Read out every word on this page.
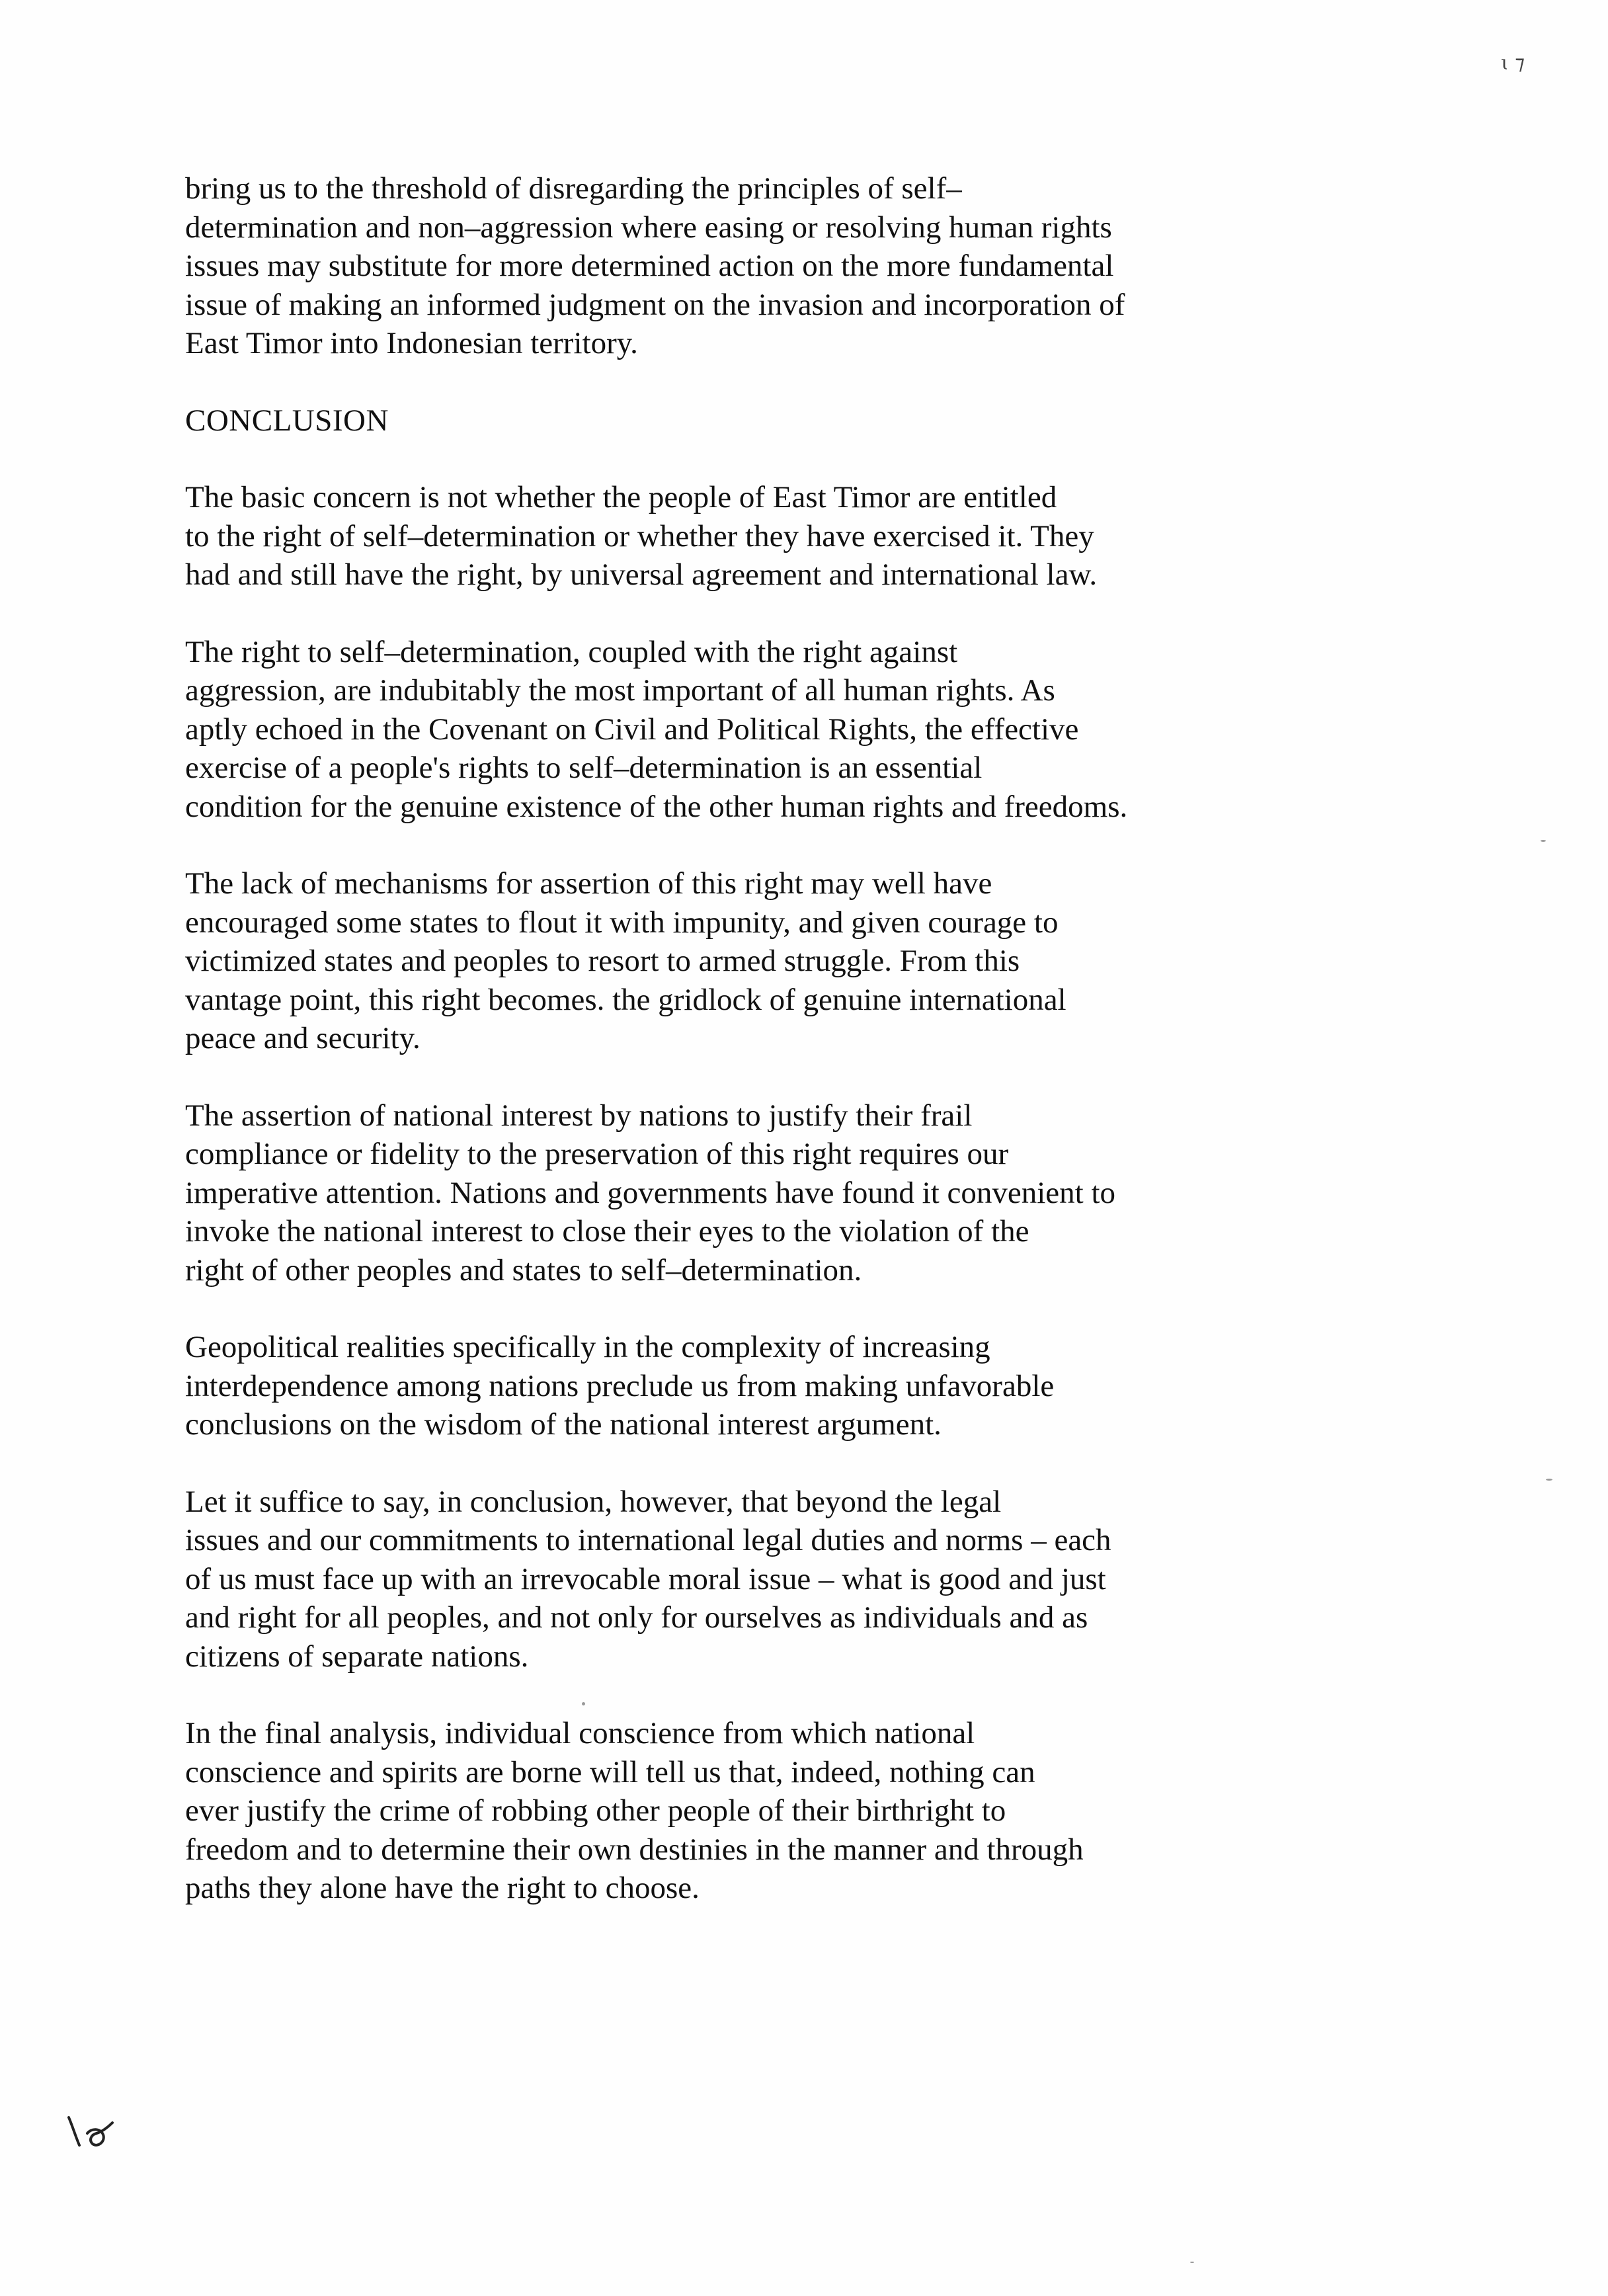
ɩ ⁊

bring us to the threshold of disregarding the principles of self–
determination and non–aggression where easing or resolving human rights
issues may substitute for more determined action on the more fundamental
issue of making an informed judgment on the invasion and incorporation of
East Timor into Indonesian territory.

CONCLUSION

The basic concern is not whether the people of East Timor are entitled
to the right of self–determination or whether they have exercised it. They
had and still have the right, by universal agreement and international law.

The right to self–determination, coupled with the right against
aggression, are indubitably the most important of all human rights. As
aptly echoed in the Covenant on Civil and Political Rights, the effective
exercise of a people's rights to self–determination is an essential
condition for the genuine existence of the other human rights and freedoms.

The lack of mechanisms for assertion of this right may well have
encouraged some states to flout it with impunity, and given courage to
victimized states and peoples to resort to armed struggle. From this
vantage point, this right becomes. the gridlock of genuine international
peace and security.

The assertion of national interest by nations to justify their frail
compliance or fidelity to the preservation of this right requires our
imperative attention. Nations and governments have found it convenient to
invoke the national interest to close their eyes to the violation of the
right of other peoples and states to self–determination.

Geopolitical realities specifically in the complexity of increasing
interdependence among nations preclude us from making unfavorable
conclusions on the wisdom of the national interest argument.

Let it suffice to say, in conclusion, however, that beyond the legal
issues and our commitments to international legal duties and norms – each
of us must face up with an irrevocable moral issue – what is good and just
and right for all peoples, and not only for ourselves as individuals and as
citizens of separate nations.

In the final analysis, individual conscience from which national
conscience and spirits are borne will tell us that, indeed, nothing can
ever justify the crime of robbing other people of their birthright to
freedom and to determine their own destinies in the manner and through
paths they alone have the right to choose.
